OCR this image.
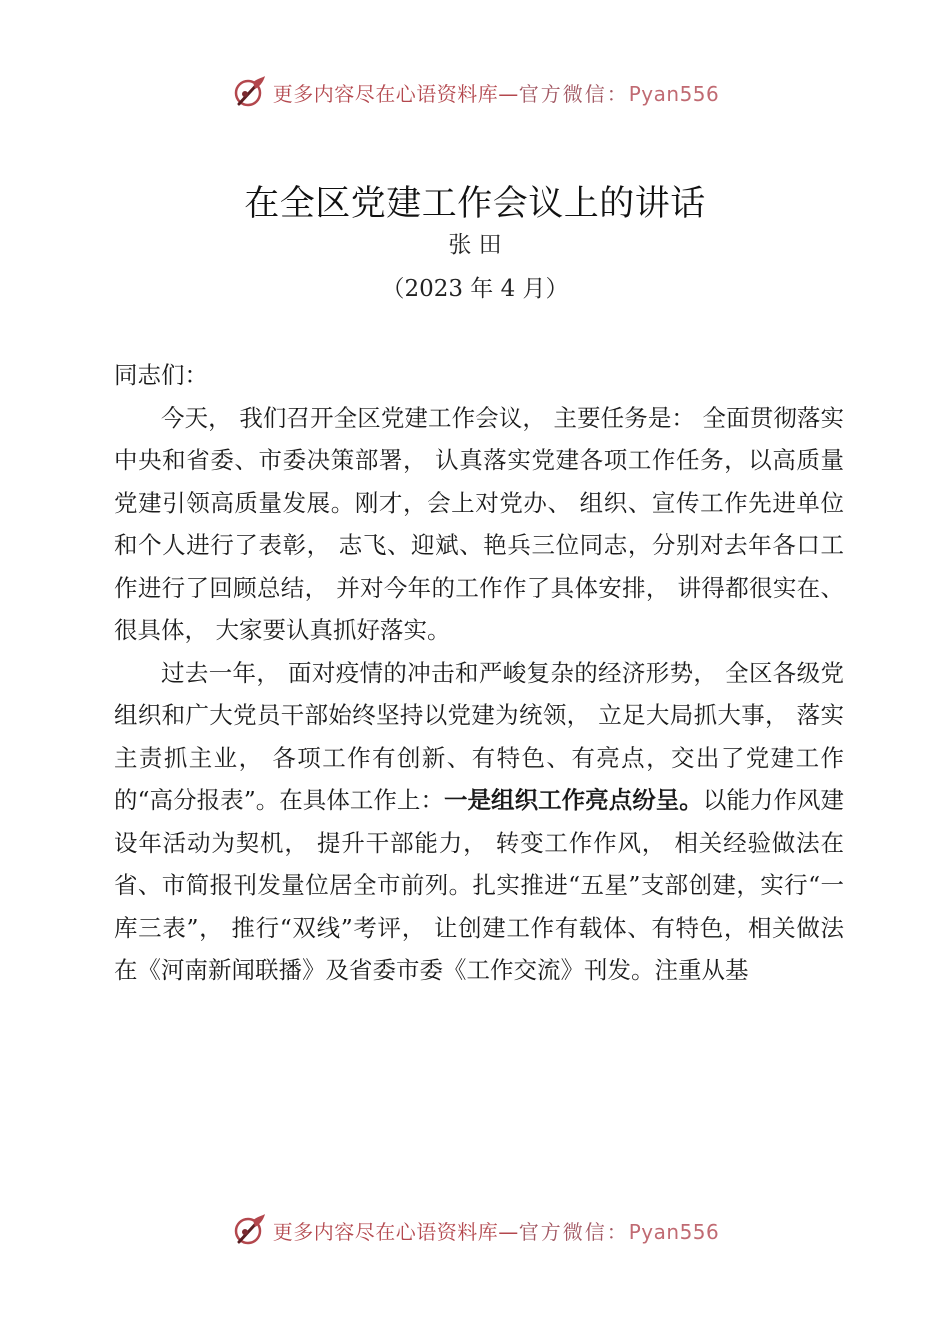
更多内容尽在心语资料库—官方微信：Pyan556
在全区党建工作会议上的讲话
张 田
（2023 年 4 月）

同志们：

今天， 我们召开全区党建工作会议， 主要任务是： 全面贯彻落实中央和省委、市委决策部署， 认真落实党建各项工作任务，以高质量党建引领高质量发展。刚才，会上对党办、 组织、宣传工作先进单位和个人进行了表彰， 志飞、迎斌、艳兵三位同志，分别对去年各口工作进行了回顾总结， 并对今年的工作作了具体安排， 讲得都很实在、很具体， 大家要认真抓好落实。

过去一年， 面对疫情的冲击和严峻复杂的经济形势， 全区各级党组织和广大党员干部始终坚持以党建为统领， 立足大局抓大事， 落实主责抓主业， 各项工作有创新、有特色、有亮点，交出了党建工作的“高分报表”。在具体工作上：一是组织工作亮点纷呈。以能力作风建设年活动为契机， 提升干部能力， 转变工作作风， 相关经验做法在省、市简报刊发量位居全市前列。扎实推进“五星”支部创建，实行“一库三表”， 推行“双线”考评， 让创建工作有载体、有特色，相关做法在《河南新闻联播》及省委市委《工作交流》刊发。注重从基

更多内容尽在心语资料库—官方微信：Pyan556
